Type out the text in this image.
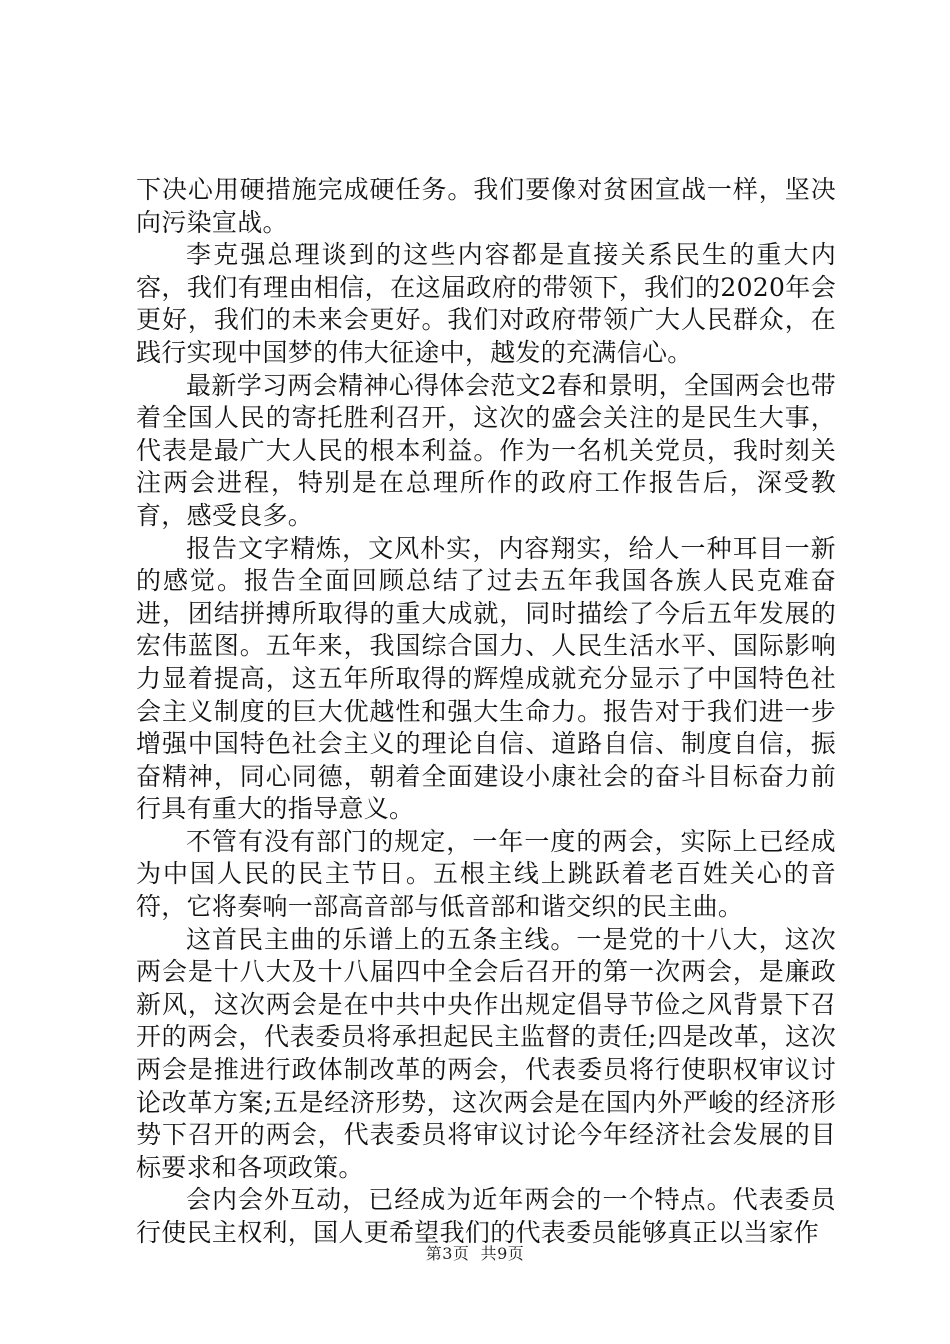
下决心用硬措施完成硬任务。我们要像对贫困宣战一样，坚决向污染宣战。

李克强总理谈到的这些内容都是直接关系民生的重大内容，我们有理由相信，在这届政府的带领下，我们的2020年会更好，我们的未来会更好。我们对政府带领广大人民群众，在践行实现中国梦的伟大征途中，越发的充满信心。

最新学习两会精神心得体会范文2春和景明，全国两会也带着全国人民的寄托胜利召开，这次的盛会关注的是民生大事，代表是最广大人民的根本利益。作为一名机关党员，我时刻关注两会进程，特别是在总理所作的政府工作报告后，深受教育，感受良多。

报告文字精炼，文风朴实，内容翔实，给人一种耳目一新的感觉。报告全面回顾总结了过去五年我国各族人民克难奋进，团结拼搏所取得的重大成就，同时描绘了今后五年发展的宏伟蓝图。五年来，我国综合国力、人民生活水平、国际影响力显着提高，这五年所取得的辉煌成就充分显示了中国特色社会主义制度的巨大优越性和强大生命力。报告对于我们进一步增强中国特色社会主义的理论自信、道路自信、制度自信，振奋精神，同心同德，朝着全面建设小康社会的奋斗目标奋力前行具有重大的指导意义。

不管有没有部门的规定，一年一度的两会，实际上已经成为中国人民的民主节日。五根主线上跳跃着老百姓关心的音符，它将奏响一部高音部与低音部和谐交织的民主曲。

这首民主曲的乐谱上的五条主线。一是党的十八大，这次两会是十八大及十八届四中全会后召开的第一次两会，是廉政新风，这次两会是在中共中央作出规定倡导节俭之风背景下召开的两会，代表委员将承担起民主监督的责任;四是改革，这次两会是推进行政体制改革的两会，代表委员将行使职权审议讨论改革方案;五是经济形势，这次两会是在国内外严峻的经济形势下召开的两会，代表委员将审议讨论今年经济社会发展的目标要求和各项政策。

会内会外互动，已经成为近年两会的一个特点。代表委员行使民主权利，国人更希望我们的代表委员能够真正以当家作

第3页 共9页
